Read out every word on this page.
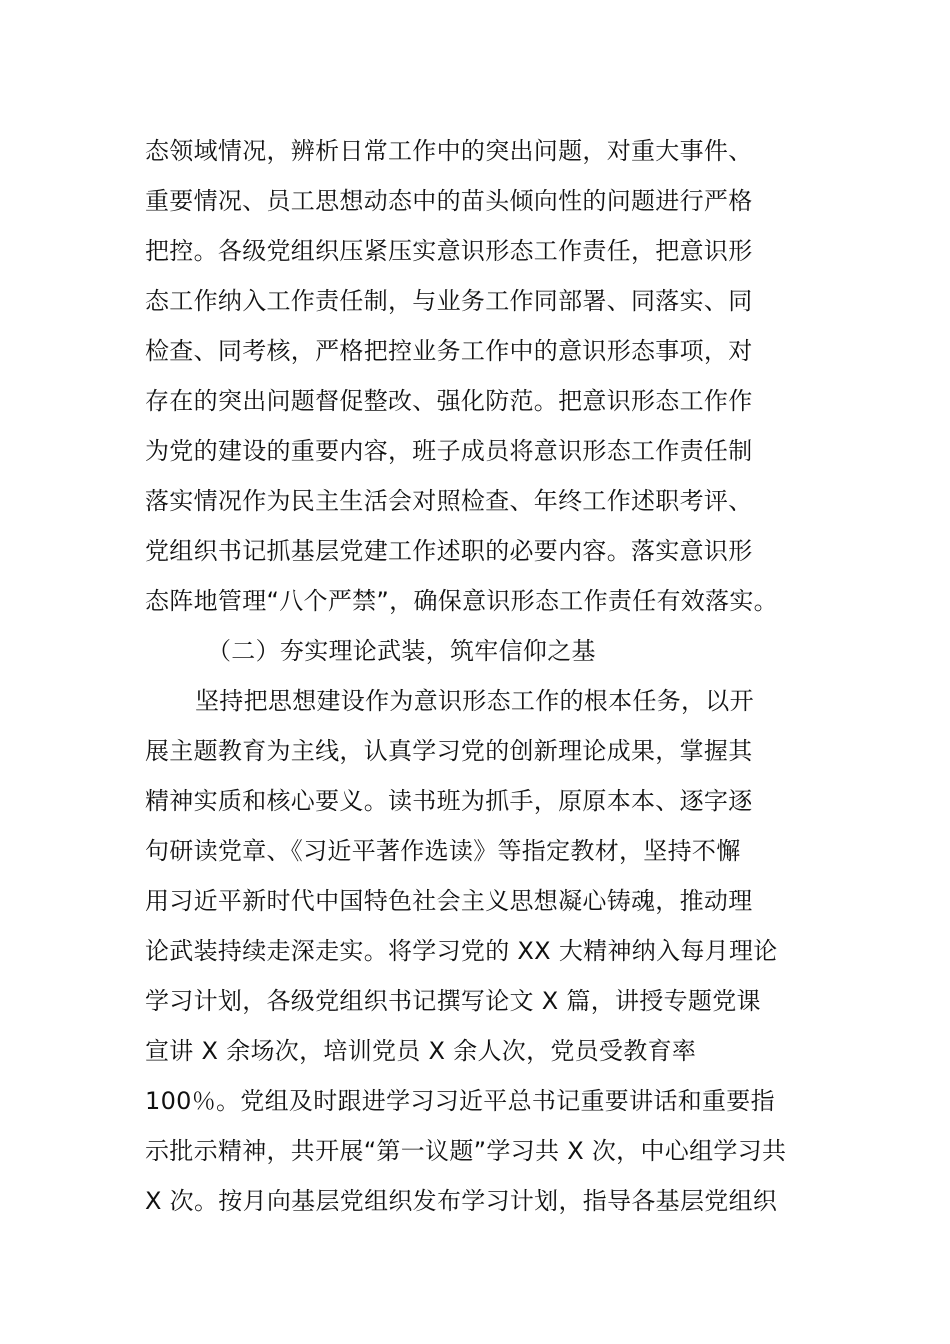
态领域情况，辨析日常工作中的突出问题，对重大事件、
重要情况、员工思想动态中的苗头倾向性的问题进行严格
把控。各级党组织压紧压实意识形态工作责任，把意识形
态工作纳入工作责任制，与业务工作同部署、同落实、同
检查、同考核，严格把控业务工作中的意识形态事项，对
存在的突出问题督促整改、强化防范。把意识形态工作作
为党的建设的重要内容，班子成员将意识形态工作责任制
落实情况作为民主生活会对照检查、年终工作述职考评、
党组织书记抓基层党建工作述职的必要内容。落实意识形
态阵地管理“八个严禁”，确保意识形态工作责任有效落实。
（二）夯实理论武装，筑牢信仰之基
坚持把思想建设作为意识形态工作的根本任务，以开
展主题教育为主线，认真学习党的创新理论成果，掌握其
精神实质和核心要义。读书班为抓手，原原本本、逐字逐
句研读党章、《习近平著作选读》等指定教材，坚持不懈
用习近平新时代中国特色社会主义思想凝心铸魂，推动理
论武装持续走深走实。将学习党的 XX 大精神纳入每月理论
学习计划，各级党组织书记撰写论文 X 篇，讲授专题党课
宣讲 X 余场次，培训党员 X 余人次，党员受教育率
100％。党组及时跟进学习习近平总书记重要讲话和重要指
示批示精神，共开展“第一议题”学习共 X 次，中心组学习共
X 次。按月向基层党组织发布学习计划，指导各基层党组织
